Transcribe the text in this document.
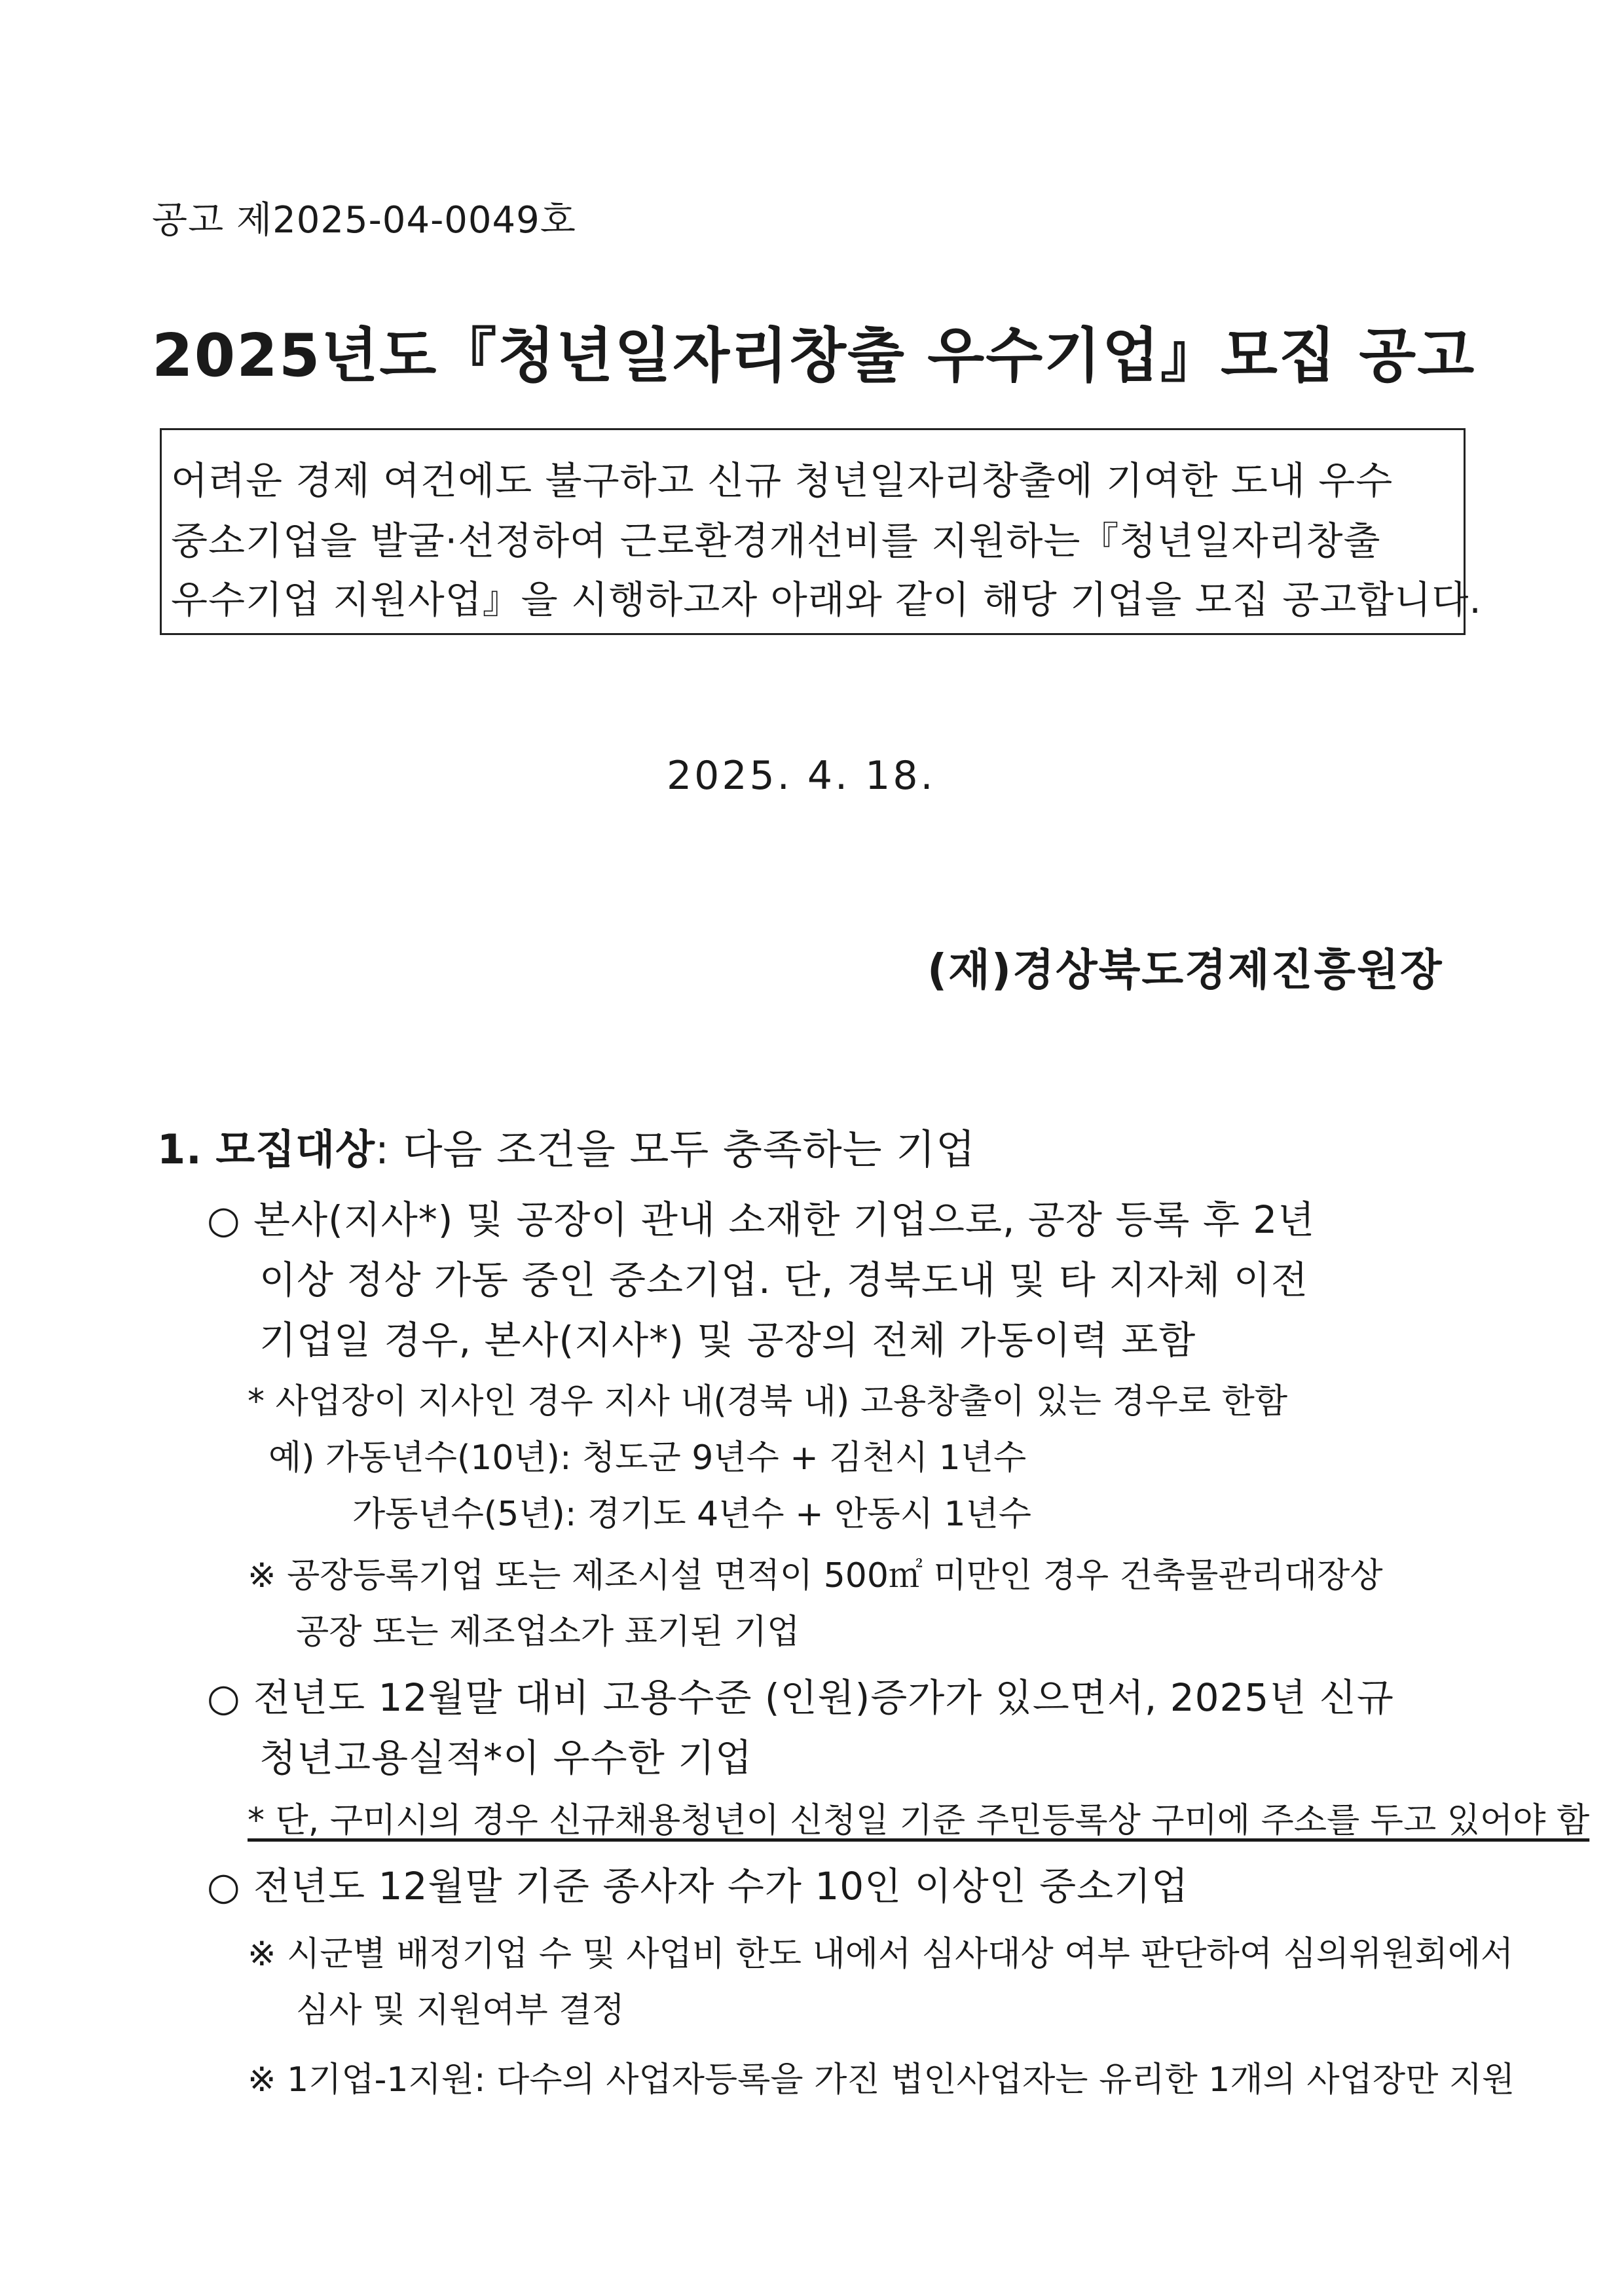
공고 제2025-04-0049호
2025년도『청년일자리창출 우수기업』모집 공고
어려운 경제 여건에도 불구하고 신규 청년일자리창출에 기여한 도내 우수
중소기업을 발굴·선정하여 근로환경개선비를 지원하는『청년일자리창출
우수기업 지원사업』을 시행하고자 아래와 같이 해당 기업을 모집 공고합니다.
2025. 4. 18.
(재)경상북도경제진흥원장
1. 모집대상: 다음 조건을 모두 충족하는 기업
○ 본사(지사*) 및 공장이 관내 소재한 기업으로, 공장 등록 후 2년
이상 정상 가동 중인 중소기업. 단, 경북도내 및 타 지자체 이전
기업일 경우, 본사(지사*) 및 공장의 전체 가동이력 포함
* 사업장이 지사인 경우 지사 내(경북 내) 고용창출이 있는 경우로 한함
예) 가동년수(10년): 청도군 9년수 + 김천시 1년수
가동년수(5년): 경기도 4년수 + 안동시 1년수
※ 공장등록기업 또는 제조시설 면적이 500㎡ 미만인 경우 건축물관리대장상
공장 또는 제조업소가 표기된 기업
○ 전년도 12월말 대비 고용수준 (인원)증가가 있으면서, 2025년 신규
청년고용실적*이 우수한 기업
* 단, 구미시의 경우 신규채용청년이 신청일 기준 주민등록상 구미에 주소를 두고 있어야 함
○ 전년도 12월말 기준 종사자 수가 10인 이상인 중소기업
※ 시군별 배정기업 수 및 사업비 한도 내에서 심사대상 여부 판단하여 심의위원회에서
심사 및 지원여부 결정
※ 1기업-1지원: 다수의 사업자등록을 가진 법인사업자는 유리한 1개의 사업장만 지원
